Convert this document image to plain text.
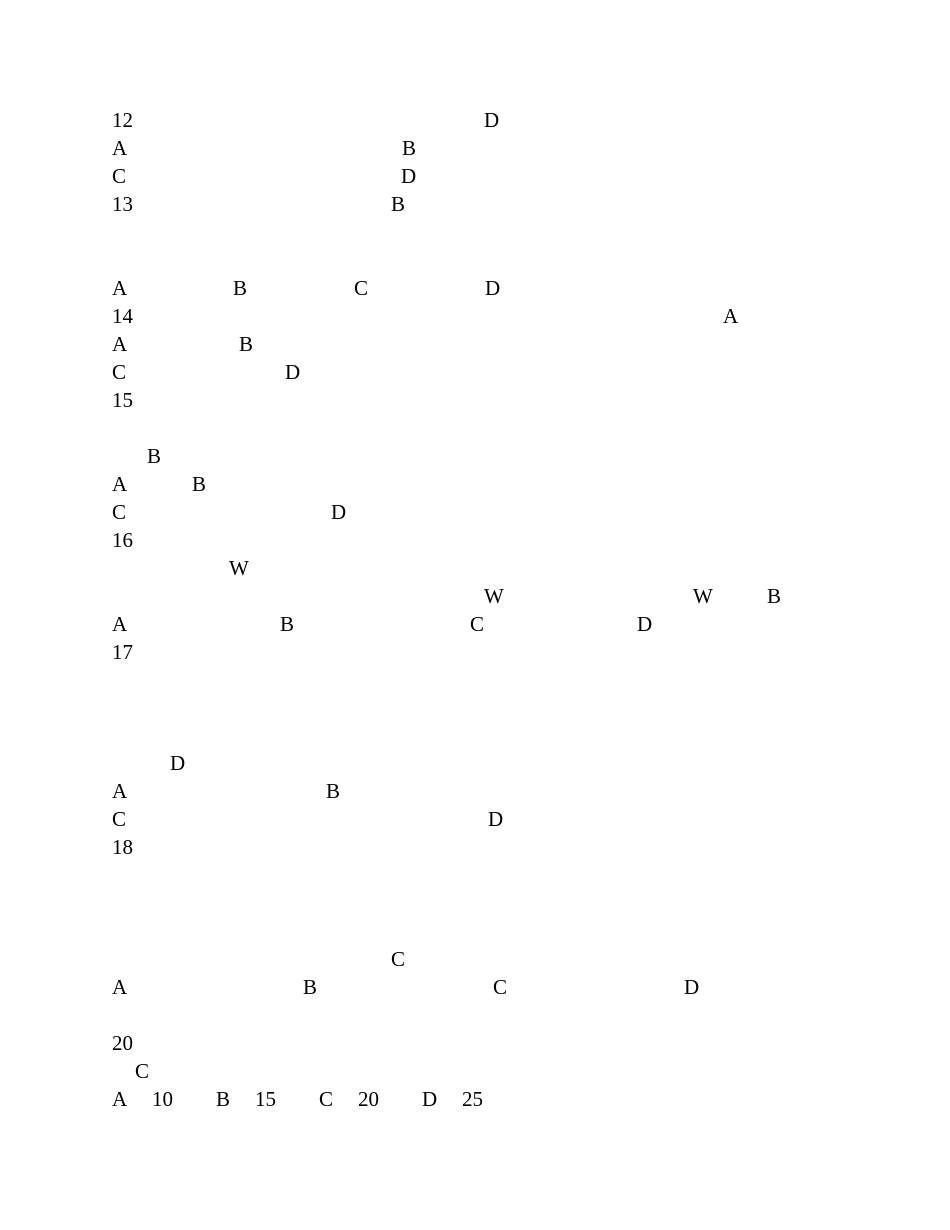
12	D
A	B
C	D
13	B
A	B	C	D
14	A
A	B
C	D
15
B
A	B
C	D
16
W
W	W	B
A	B	C	D
17
D
A	B
C	D
18
C
A	B	C	D
20
C
A 10 B 15 C 20 D 25
